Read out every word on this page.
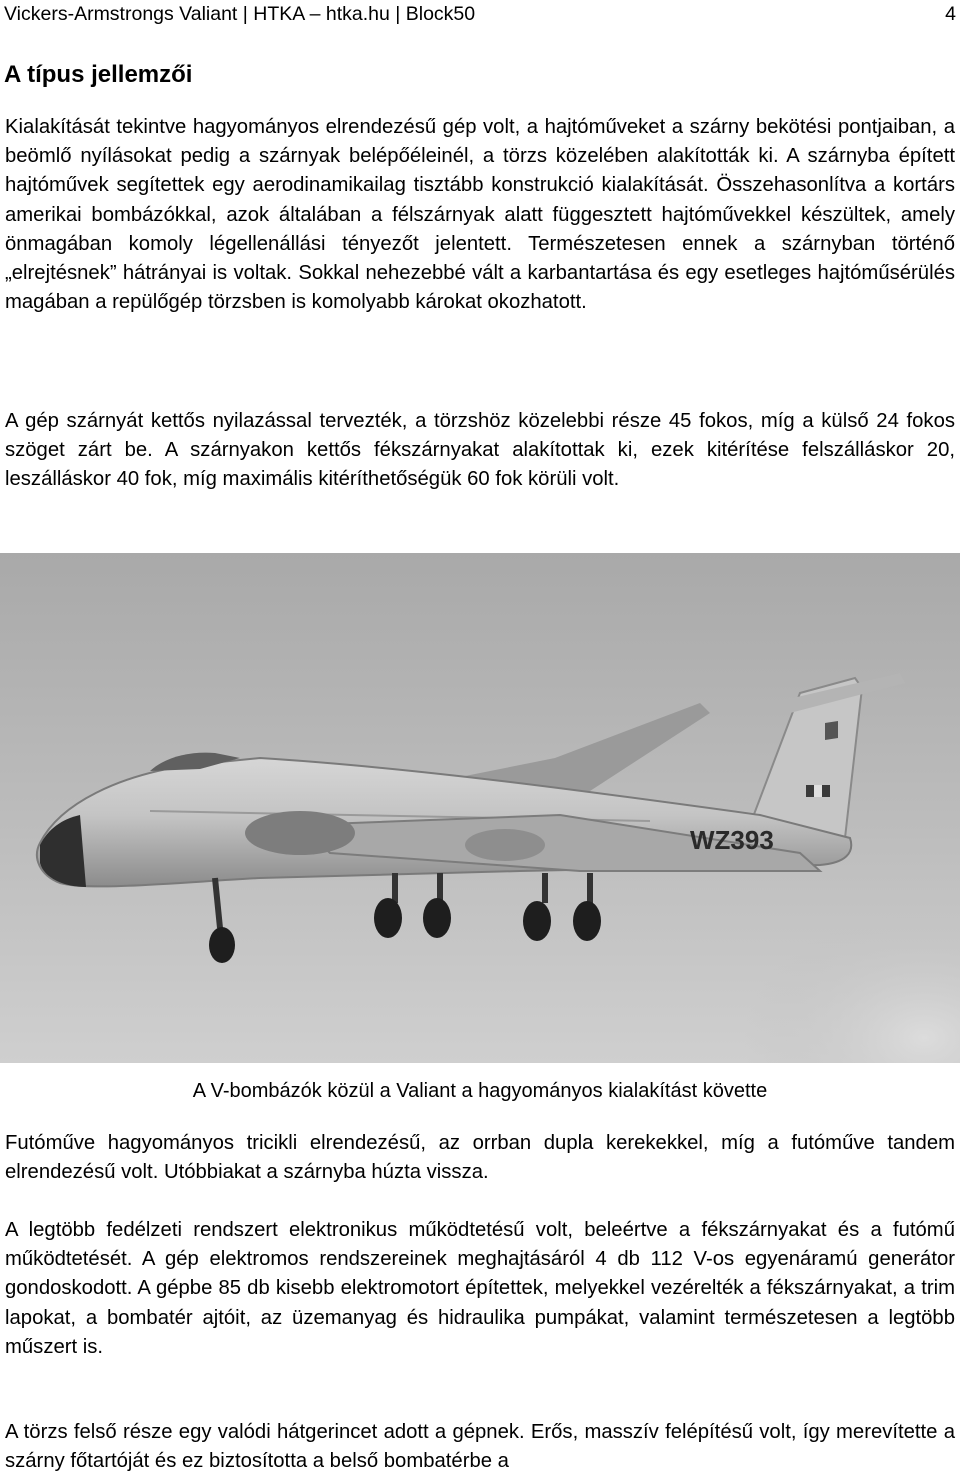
Vickers-Armstrongs Valiant | HTKA – htka.hu | Block50	4
A típus jellemzői

Kialakítását tekintve hagyományos elrendezésű gép volt, a hajtóműveket a szárny bekötési pontjaiban, a beömlő nyílásokat pedig a szárnyak belépőéleinél, a törzs közelében alakították ki. A szárnyba épített hajtóművek segítettek egy aerodinamikailag tisztább konstrukció kialakítását. Összehasonlítva a kortárs amerikai bombázókkal, azok általában a félszárnyak alatt függesztett hajtóművekkel készültek, amely önmagában komoly légellenállási tényezőt jelentett. Természetesen ennek a szárnyban történő „elrejtésnek” hátrányai is voltak. Sokkal nehezebbé vált a karbantartása és egy esetleges hajtóműsérülés magában a repülőgép törzsben is komolyabb károkat okozhatott.

A gép szárnyát kettős nyilazással tervezték, a törzshöz közelebbi része 45 fokos, míg a külső 24 fokos szöget zárt be. A szárnyakon kettős fékszárnyakat alakítottak ki, ezek kitérítése felszálláskor 20, leszálláskor 40 fok, míg maximális kitéríthetőségük 60 fok körüli volt.

WZ393

A V-bombázók közül a Valiant a hagyományos kialakítást követte

Futóműve hagyományos tricikli elrendezésű, az orrban dupla kerekekkel, míg a futóműve tandem elrendezésű volt. Utóbbiakat a szárnyba húzta vissza.

A legtöbb fedélzeti rendszert elektronikus működtetésű volt, beleértve a fékszárnyakat és a futómű működtetését. A gép elektromos rendszereinek meghajtásáról 4 db 112 V-os egyenáramú generátor gondoskodott. A gépbe 85 db kisebb elektromotort építettek, melyekkel vezérelték a fékszárnyakat, a trim lapokat, a bombatér ajtóit, az üzemanyag és hidraulika pumpákat, valamint természetesen a legtöbb műszert is.

A törzs felső része egy valódi hátgerincet adott a gépnek. Erős, masszív felépítésű volt, így merevítette a szárny főtartóját és ez biztosította a belső bombatérbe a
